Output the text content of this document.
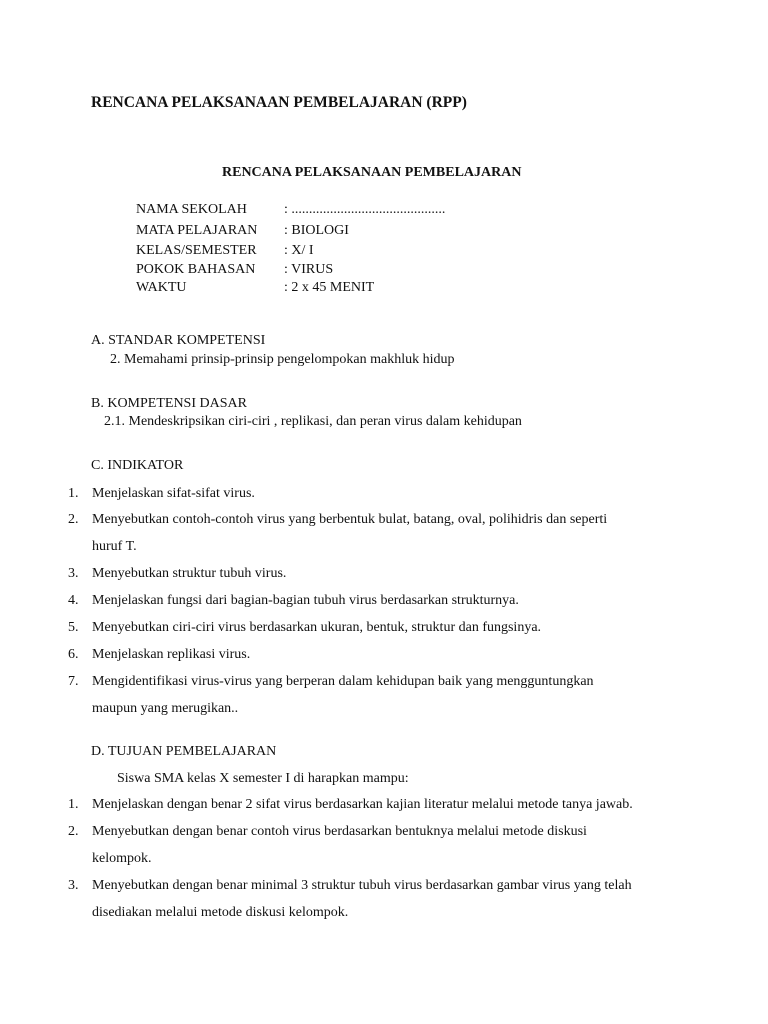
RENCANA PELAKSANAAN PEMBELAJARAN (RPP)
RENCANA PELAKSANAAN PEMBELAJARAN
NAMA SEKOLAH	: ............................................
MATA PELAJARAN : BIOLOGI
KELAS/SEMESTER : X/ I
POKOK BAHASAN : VIRUS
WAKTU	: 2 x 45 MENIT
A. STANDAR KOMPETENSI
2. Memahami prinsip-prinsip pengelompokan makhluk hidup
B. KOMPETENSI DASAR
2.1. Mendeskripsikan ciri-ciri , replikasi, dan peran virus dalam kehidupan
C. INDIKATOR
1. Menjelaskan sifat-sifat virus.
2. Menyebutkan contoh-contoh virus yang berbentuk bulat, batang, oval, polihidris dan seperti
huruf T.
3. Menyebutkan struktur tubuh virus.
4. Menjelaskan fungsi dari bagian-bagian tubuh virus berdasarkan strukturnya.
5. Menyebutkan ciri-ciri virus berdasarkan ukuran, bentuk, struktur dan fungsinya.
6. Menjelaskan replikasi virus.
7. Mengidentifikasi virus-virus yang berperan dalam kehidupan baik yang mengguntungkan
maupun yang merugikan..
D. TUJUAN PEMBELAJARAN
Siswa SMA kelas X semester I di harapkan mampu:
1. Menjelaskan dengan benar 2 sifat virus berdasarkan kajian literatur melalui metode tanya jawab.
2. Menyebutkan dengan benar contoh virus berdasarkan bentuknya melalui metode diskusi
kelompok.
3. Menyebutkan dengan benar minimal 3 struktur tubuh virus berdasarkan gambar virus yang telah
disediakan melalui metode diskusi kelompok.
